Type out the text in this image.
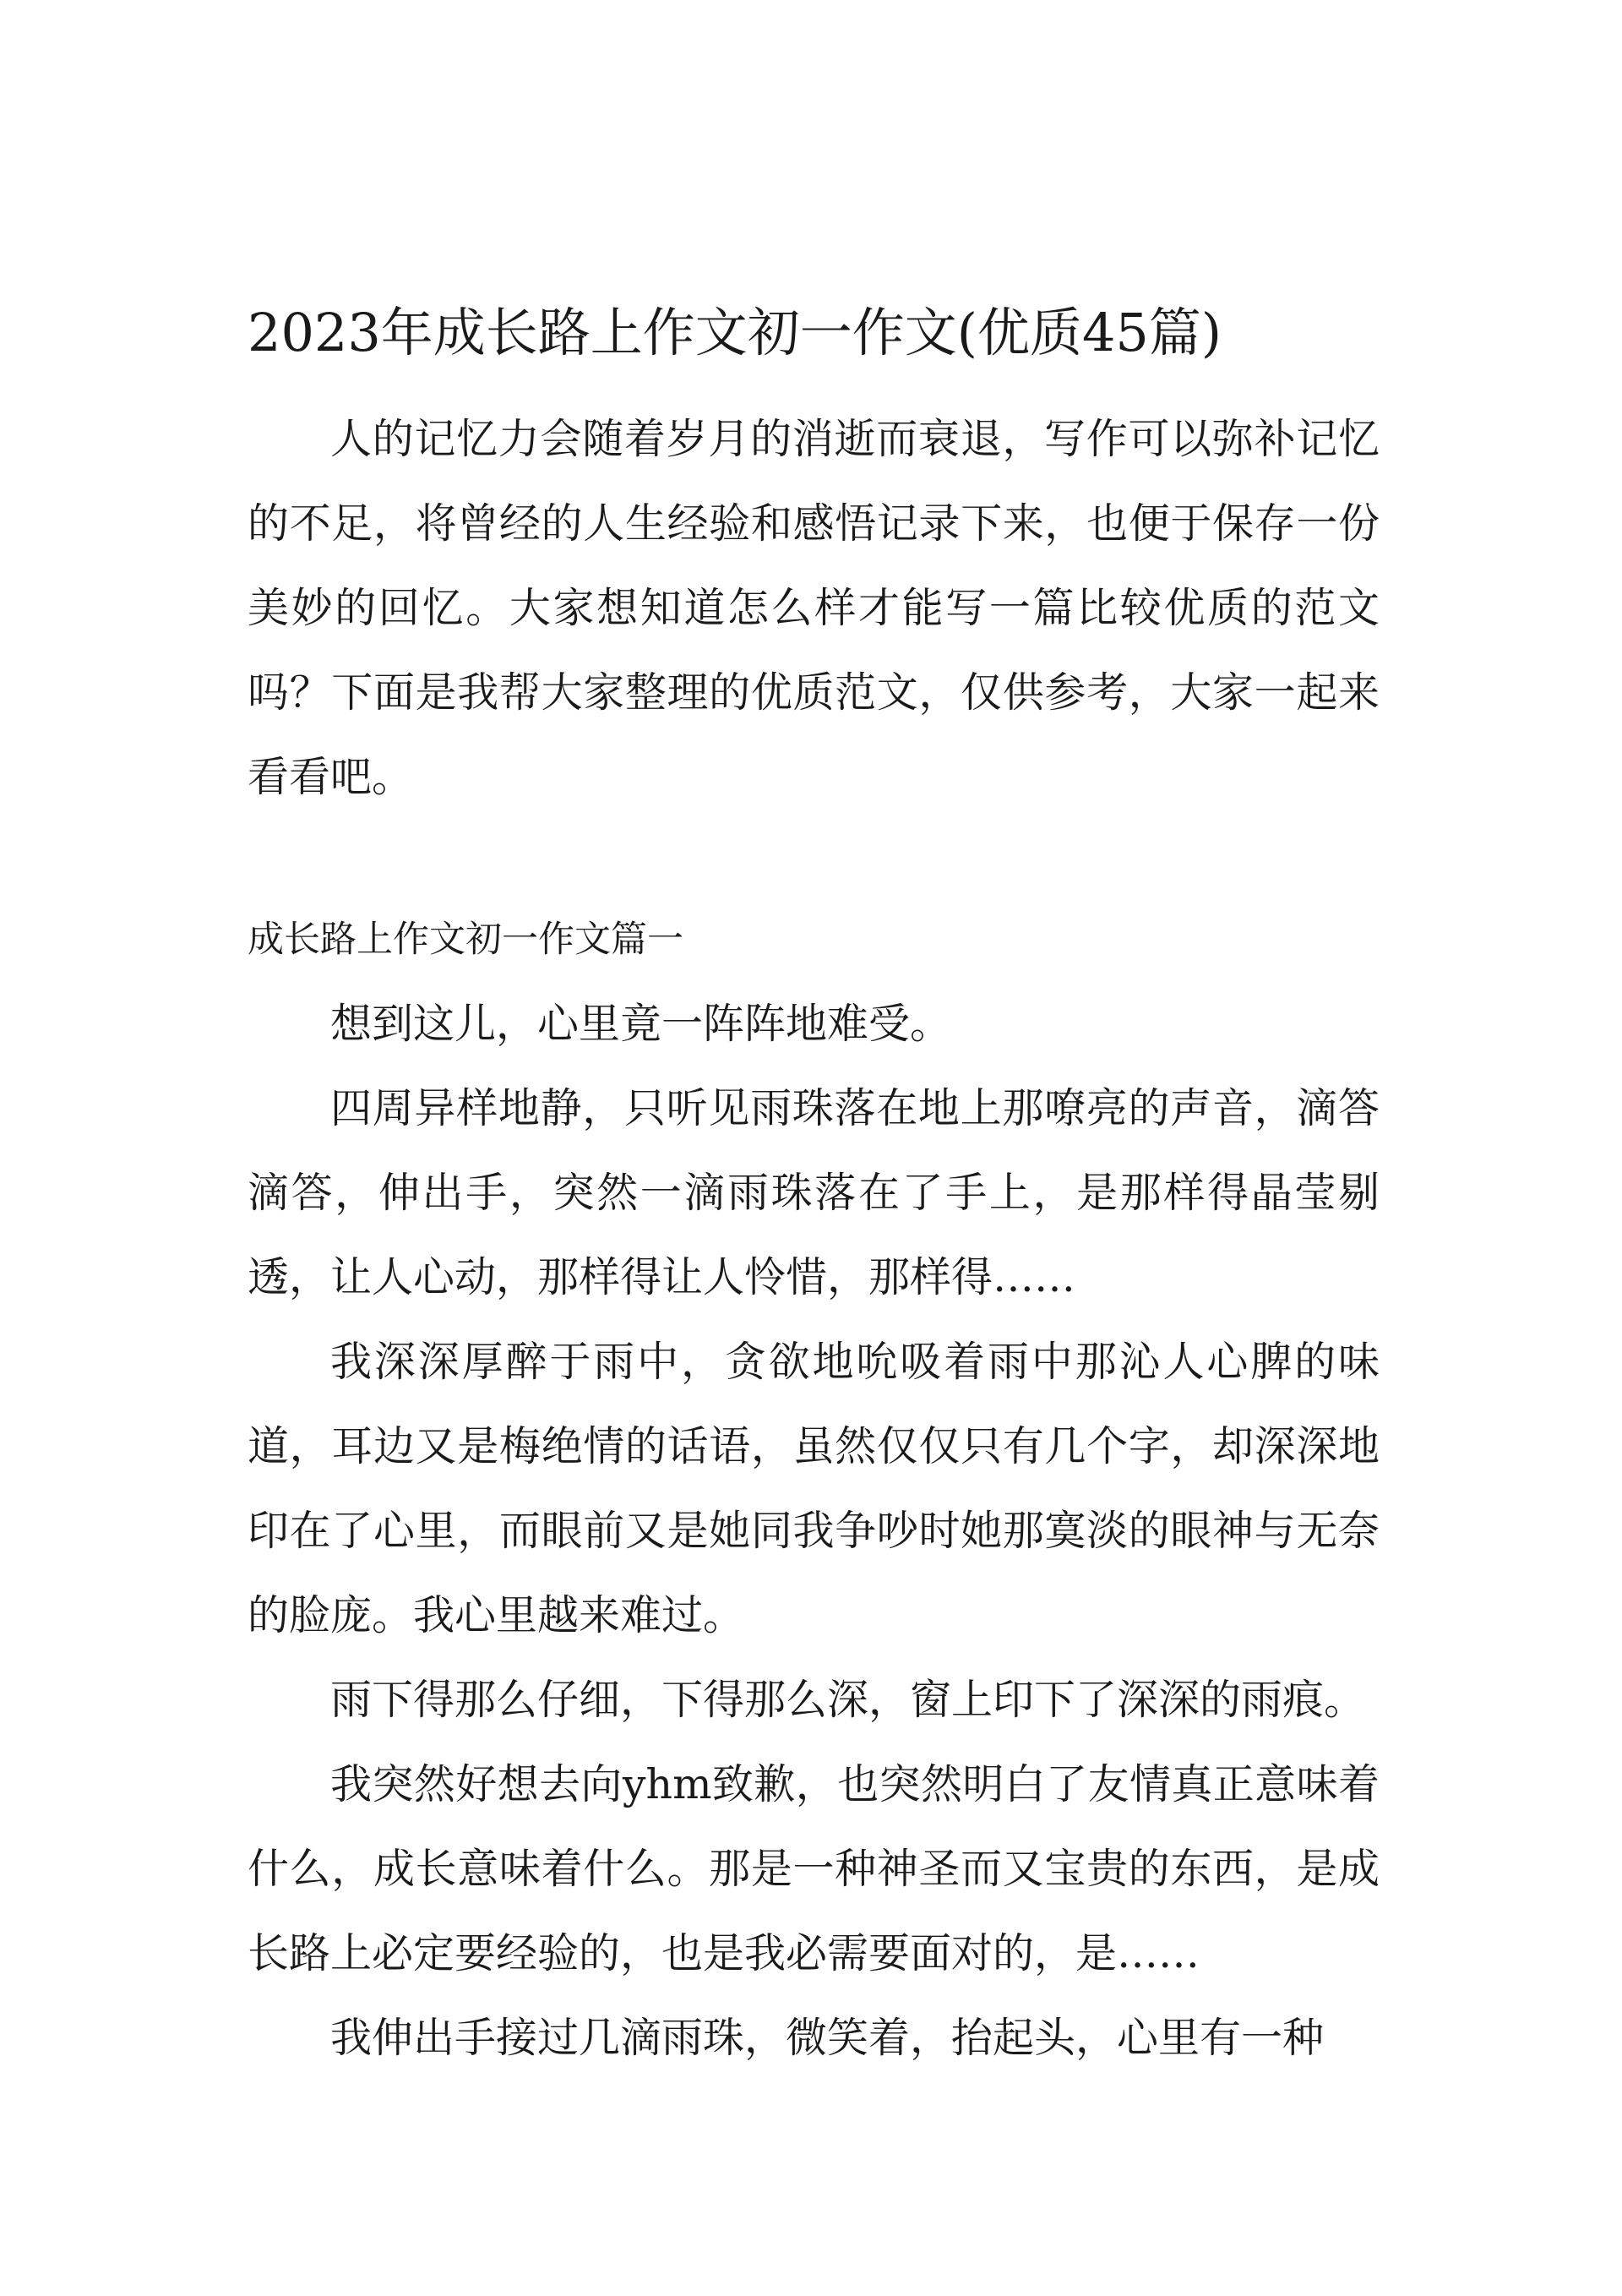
2023年成长路上作文初一作文(优质45篇)

人的记忆力会随着岁月的消逝而衰退，写作可以弥补记忆的不足，将曾经的人生经验和感悟记录下来，也便于保存一份美妙的回忆。大家想知道怎么样才能写一篇比较优质的范文吗？下面是我帮大家整理的优质范文，仅供参考，大家一起来看看吧。

成长路上作文初一作文篇一

想到这儿，心里竟一阵阵地难受。

四周异样地静，只听见雨珠落在地上那嘹亮的声音，滴答滴答，伸出手，突然一滴雨珠落在了手上，是那样得晶莹剔透，让人心动，那样得让人怜惜，那样得……

我深深厚醉于雨中，贪欲地吮吸着雨中那沁人心脾的味道，耳边又是梅绝情的话语，虽然仅仅只有几个字，却深深地印在了心里，而眼前又是她同我争吵时她那寞淡的眼神与无奈的脸庞。我心里越来难过。

雨下得那么仔细，下得那么深，窗上印下了深深的雨痕。

我突然好想去向yhm致歉，也突然明白了友情真正意味着什么，成长意味着什么。那是一种神圣而又宝贵的东西，是成长路上必定要经验的，也是我必需要面对的，是……

我伸出手接过几滴雨珠，微笑着，抬起头，心里有一种
